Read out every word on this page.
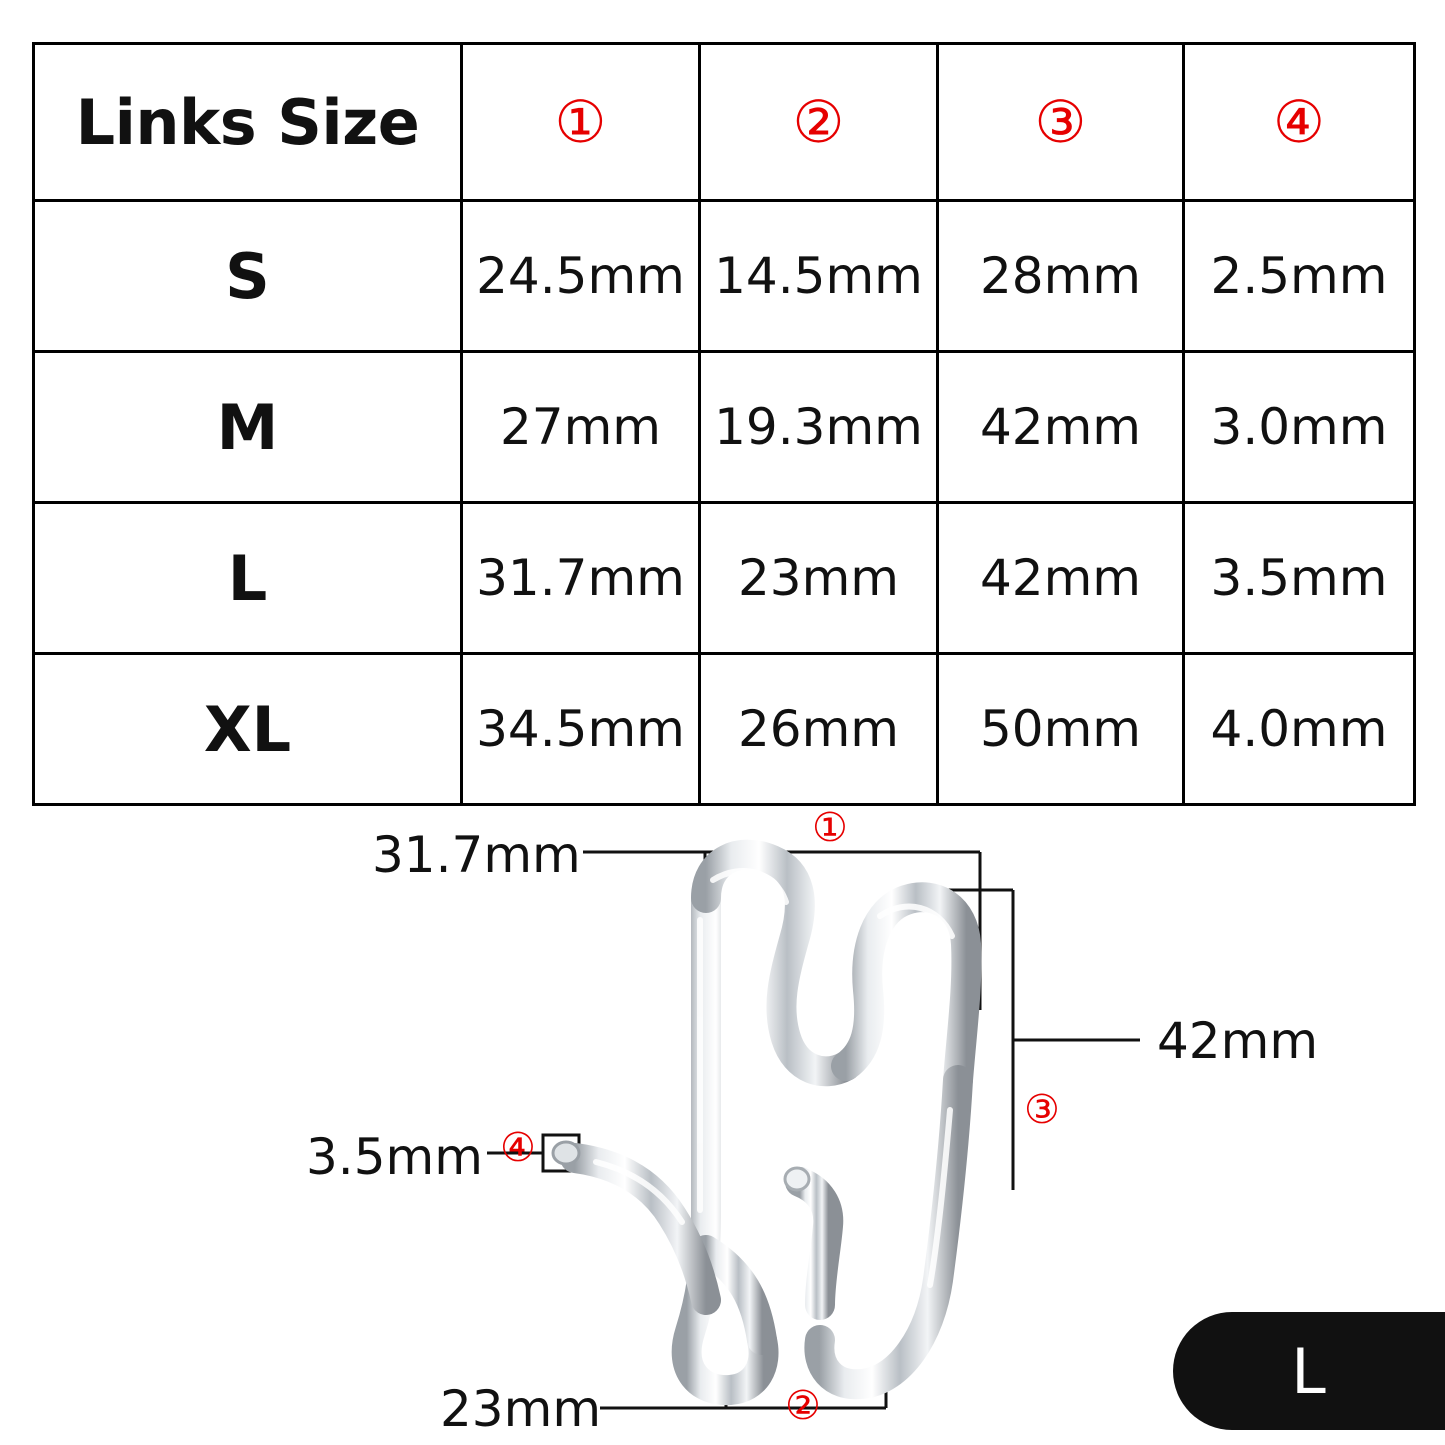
Links Size	①	②	③	④
S	24.5mm	14.5mm	28mm	2.5mm
M	27mm	19.3mm	42mm	3.0mm
L	31.7mm	23mm	42mm	3.5mm
XL	34.5mm	26mm	50mm	4.0mm
31.7mm	①
42mm
③
3.5mm ④
23mm	②	L
